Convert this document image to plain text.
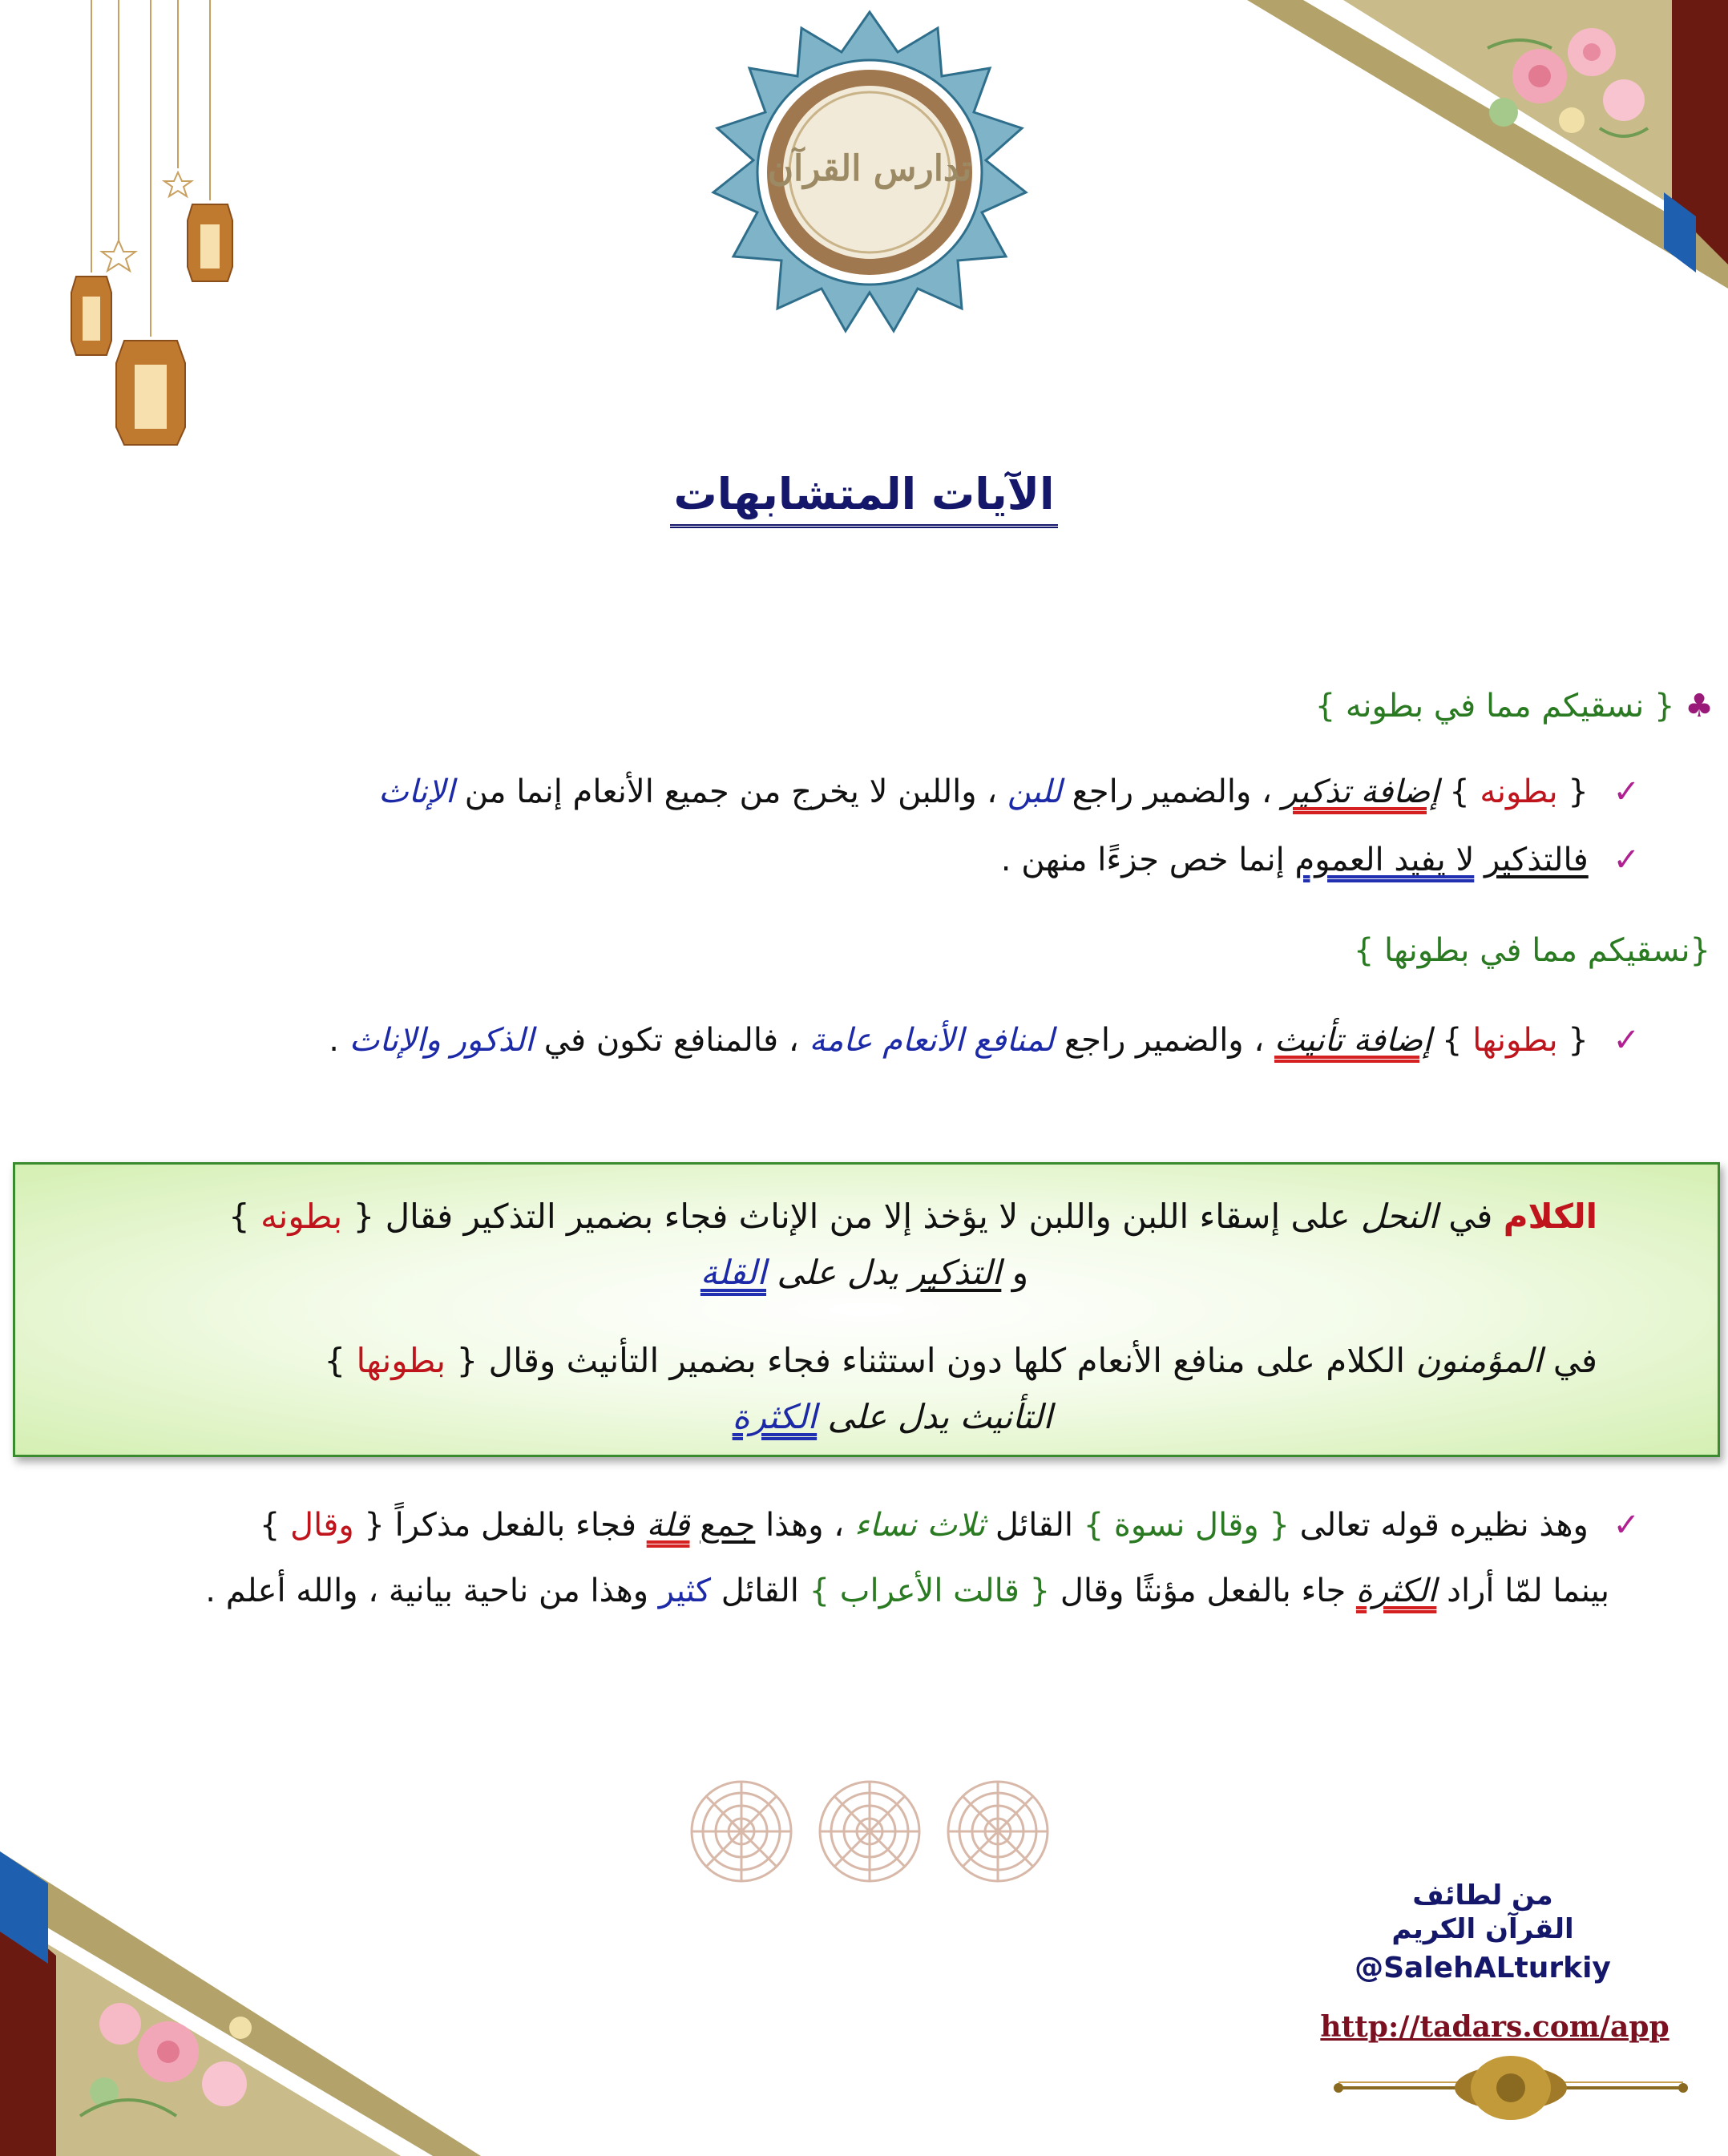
تدارس القرآن
الآيات المتشابهات
♣ { نسقيكم مما في بطونه }
✓ { بطونه } إضافة تذكير ، والضمير راجع للبن ، واللبن لا يخرج من جميع الأنعام إنما من الإناث
✓ فالتذكير لا يفيد العموم إنما خص جزءًا منهن .
{نسقيكم مما في بطونها }
✓ { بطونها } إضافة تأنيث ، والضمير راجع لمنافع الأنعام عامة ، فالمنافع تكون في الذكور والإناث .
الكلام في النحل على إسقاء اللبن واللبن لا يؤخذ إلا من الإناث فجاء بضمير التذكير فقال { بطونه }
و التذكير يدل على القلة
في المؤمنون الكلام على منافع الأنعام كلها دون استثناء فجاء بضمير التأنيث وقال { بطونها }
التأنيث يدل على الكثرة
✓ وهذ نظيره قوله تعالى { وقال نسوة } القائل ثلاث نساء ، وهذا جمع قلة فجاء بالفعل مذكراً { وقال }
بينما لمّا أراد الكثرة جاء بالفعل مؤنثًا وقال { قالت الأعراب } القائل كثير وهذا من ناحية بيانية ، والله أعلم .
من لطائف
القرآن الكريم
@SalehALturkiy
http://tadars.com/app
